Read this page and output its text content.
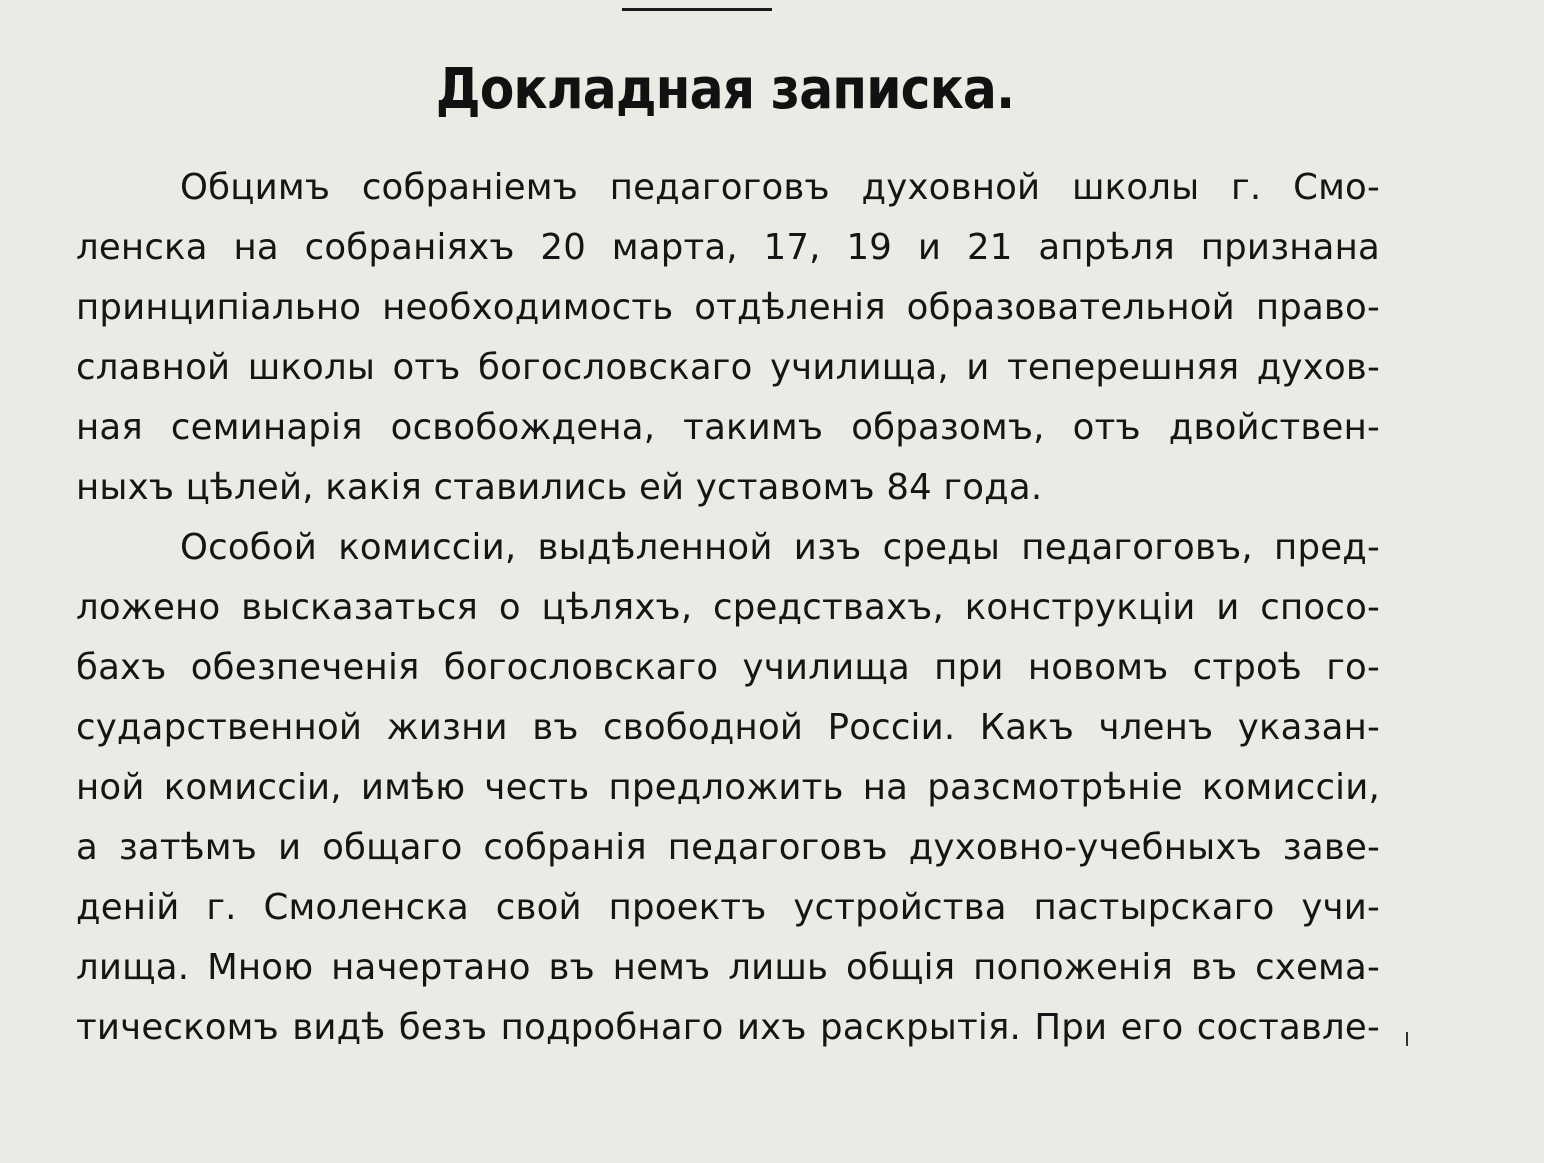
Докладная записка.
Обцимъ собраніемъ педагоговъ духовной школы г. Смо-
ленска на собраніяхъ 20 марта, 17, 19 и 21 апрѣля признана
принципіально необходимость отдѣленія образовательной право-
славной школы отъ богословскаго училища, и теперешняя духов-
ная семинарія освобождена, такимъ образомъ, отъ двойствен-
ныхъ цѣлей, какія ставились ей уставомъ 84 года.
Особой комиссіи, выдѣленной изъ среды педагоговъ, пред-
ложено высказаться о цѣляхъ, средствахъ, конструкціи и спосо-
бахъ обезпеченія богословскаго училища при новомъ строѣ го-
сударственной жизни въ свободной Россіи. Какъ членъ указан-
ной комиссіи, имѣю честь предложить на разсмотрѣніе комиссіи,
а затѣмъ и общаго собранія педагоговъ духовно-учебныхъ заве-
деній г. Смоленска свой проектъ устройства пастырскаго учи-
лища. Мною начертано въ немъ лишь общія попоженія въ схема-
тическомъ видѣ безъ подробнаго ихъ раскрытія. При его составле-
